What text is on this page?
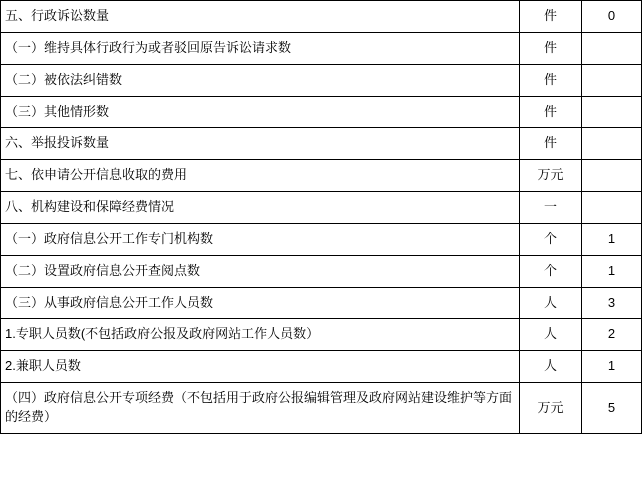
五、行政诉讼数量	件	0
（一）维持具体行政行为或者驳回原告诉讼请求数	件	
（二）被依法纠错数	件	
（三）其他情形数	件	
六、举报投诉数量	件	
七、依申请公开信息收取的费用	万元	
八、机构建设和保障经费情况	一	
（一）政府信息公开工作专门机构数	个	1
（二）设置政府信息公开查阅点数	个	1
（三）从事政府信息公开工作人员数	人	3
1.专职人员数(不包括政府公报及政府网站工作人员数）	人	2
2.兼职人员数	人	1
（四）政府信息公开专项经费（不包括用于政府公报编辑管理及政府网站建设维护等方面的经费）	万元	5
